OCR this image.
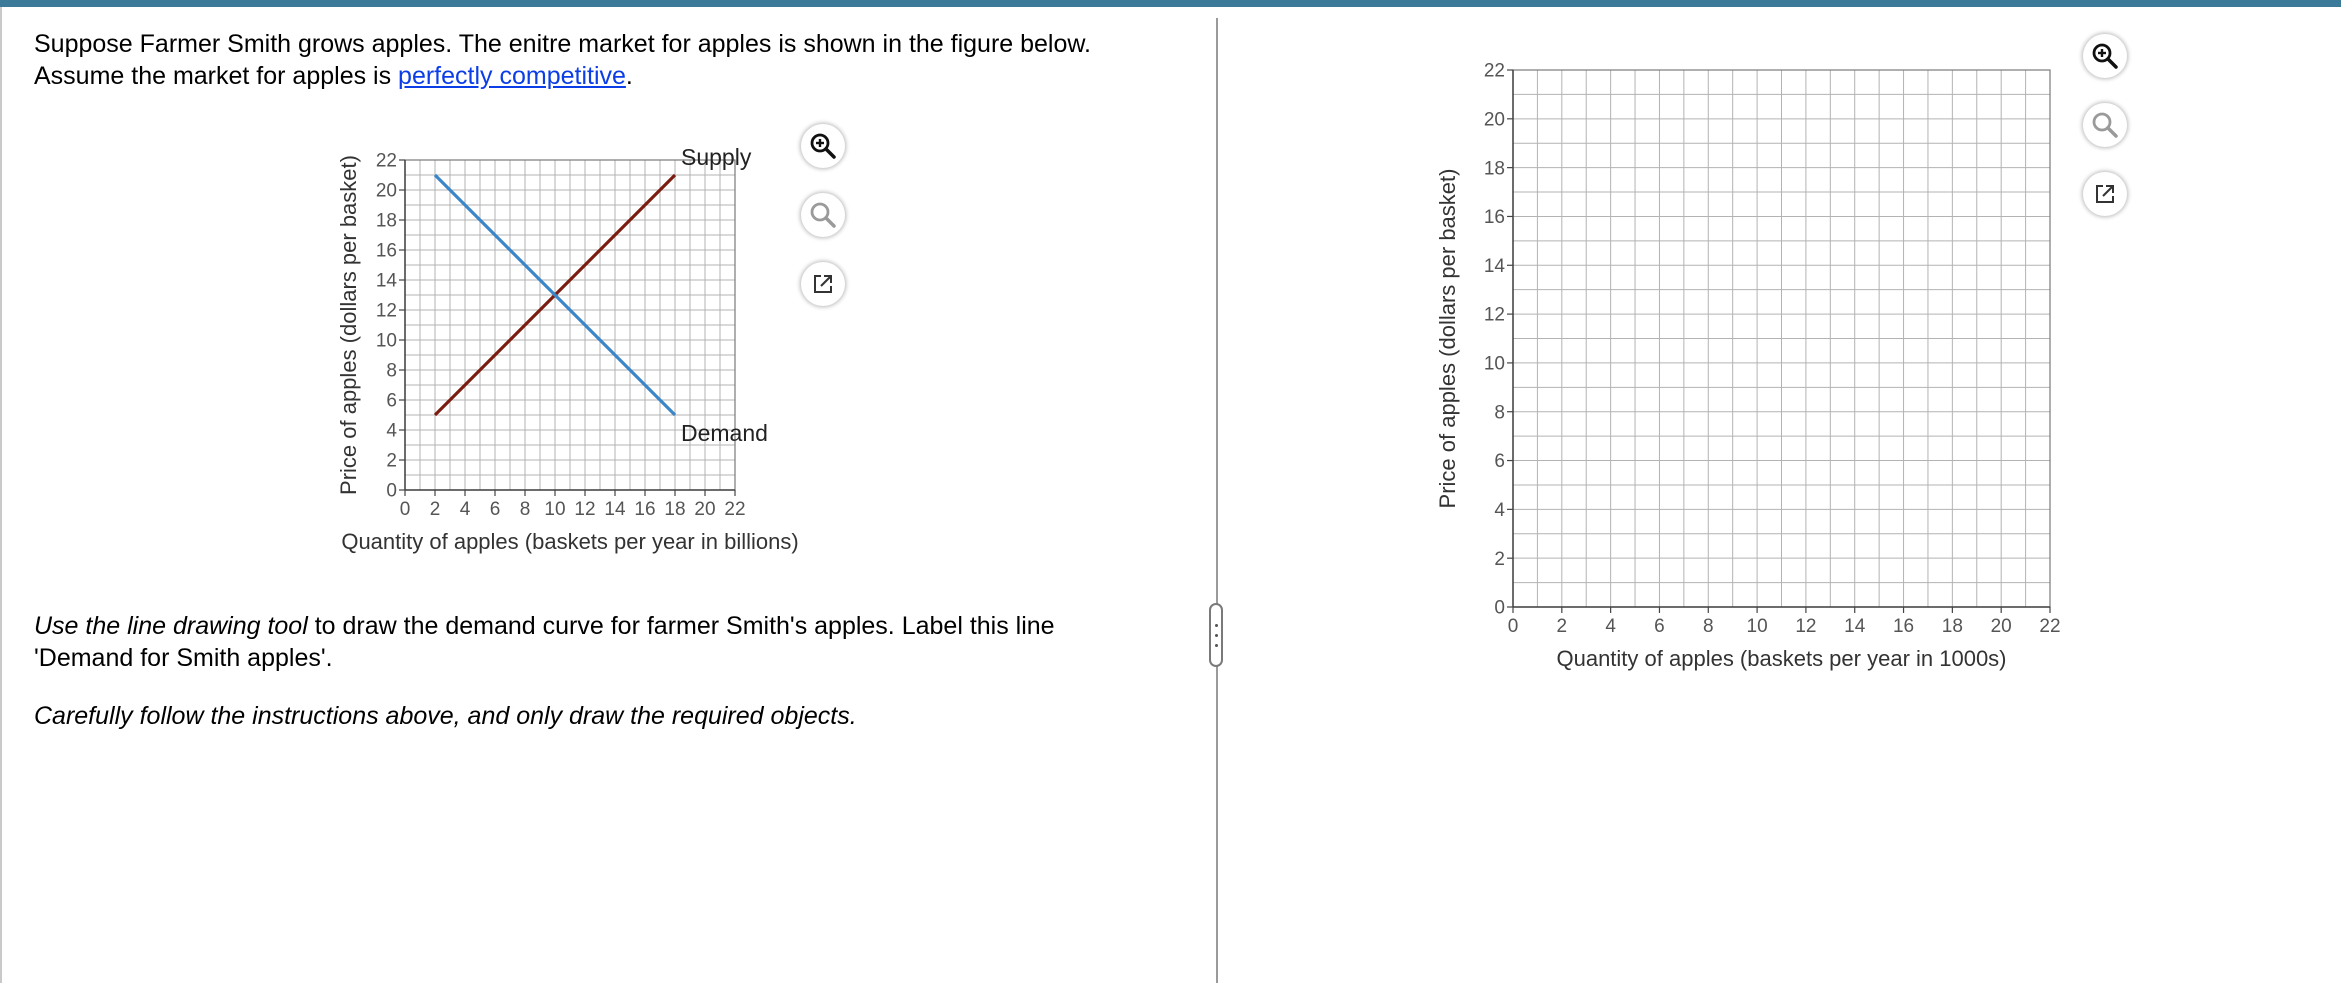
Suppose Farmer Smith grows apples. The enitre market for apples is shown in the figure below.
Assume the market for apples is perfectly competitive.
0 2 4 6 8 10 12 14 16 18 20 22
0
2
4
6
8
10
12
14
16
18
20
22
Quantity of apples (baskets per year in billions)
Price of apples (dollars per basket)	Supply
Demand
Use the line drawing tool to draw the demand curve for farmer Smith's apples. Label this line 'Demand for Smith apples'.
Carefully follow the instructions above, and only draw the required objects.
0 2 4 6 8 10 12 14 16 18 20 22
0
2
4
6
8
10
12
14
16
18
20
22
Quantity of apples (baskets per year in 1000s)
Price of apples (dollars per basket)
